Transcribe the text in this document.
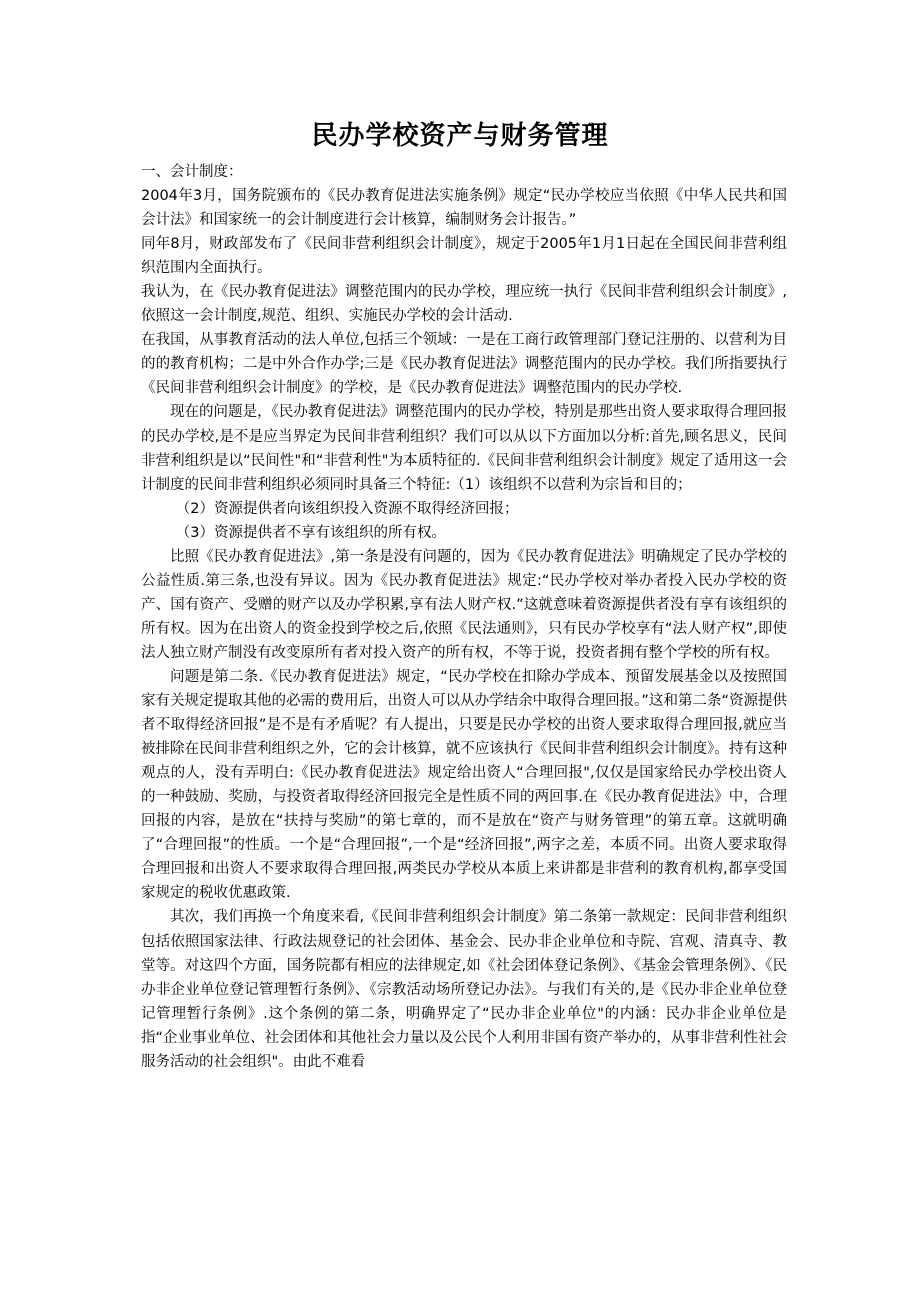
民办学校资产与财务管理

一、会计制度：

2004年3月，国务院颁布的《民办教育促进法实施条例》规定“民办学校应当依照《中华人民共和国会计法》和国家统一的会计制度进行会计核算，编制财务会计报告。”

同年8月，财政部发布了《民间非营利组织会计制度》，规定于2005年1月1日起在全国民间非营利组织范围内全面执行。

我认为，在《民办教育促进法》调整范围内的民办学校，理应统一执行《民间非营利组织会计制度》,依照这一会计制度,规范、组织、实施民办学校的会计活动.

在我国，从事教育活动的法人单位,包括三个领域：一是在工商行政管理部门登记注册的、以营利为目的的教育机构；二是中外合作办学;三是《民办教育促进法》调整范围内的民办学校。我们所指要执行《民间非营利组织会计制度》的学校，是《民办教育促进法》调整范围内的民办学校.

现在的问题是，《民办教育促进法》调整范围内的民办学校，特别是那些出资人要求取得合理回报的民办学校,是不是应当界定为民间非营利组织？我们可以从以下方面加以分析:首先,顾名思义，民间非营利组织是以“民间性"和“非营利性"为本质特征的.《民间非营利组织会计制度》规定了适用这一会计制度的民间非营利组织必须同时具备三个特征:（1）该组织不以营利为宗旨和目的；

（2）资源提供者向该组织投入资源不取得经济回报；

（3）资源提供者不享有该组织的所有权。

比照《民办教育促进法》,第一条是没有问题的，因为《民办教育促进法》明确规定了民办学校的公益性质.第三条,也没有异议。因为《民办教育促进法》规定:“民办学校对举办者投入民办学校的资产、国有资产、受赠的财产以及办学积累,享有法人财产权.”这就意味着资源提供者没有享有该组织的所有权。因为在出资人的资金投到学校之后,依照《民法通则》，只有民办学校享有“法人财产权”,即使法人独立财产制没有改变原所有者对投入资产的所有权，不等于说，投资者拥有整个学校的所有权。

问题是第二条.《民办教育促进法》规定，“民办学校在扣除办学成本、预留发展基金以及按照国家有关规定提取其他的必需的费用后，出资人可以从办学结余中取得合理回报。”这和第二条“资源提供者不取得经济回报”是不是有矛盾呢？有人提出，只要是民办学校的出资人要求取得合理回报,就应当被排除在民间非营利组织之外，它的会计核算，就不应该执行《民间非营利组织会计制度》。持有这种观点的人，没有弄明白:《民办教育促进法》规定给出资人“合理回报",仅仅是国家给民办学校出资人的一种鼓励、奖励，与投资者取得经济回报完全是性质不同的两回事.在《民办教育促进法》中，合理回报的内容，是放在“扶持与奖励”的第七章的，而不是放在“资产与财务管理”的第五章。这就明确了“合理回报”的性质。一个是“合理回报”,一个是“经济回报”,两字之差，本质不同。出资人要求取得合理回报和出资人不要求取得合理回报,两类民办学校从本质上来讲都是非营利的教育机构,都享受国家规定的税收优惠政策.

其次，我们再换一个角度来看,《民间非营利组织会计制度》第二条第一款规定：民间非营利组织包括依照国家法律、行政法规登记的社会团体、基金会、民办非企业单位和寺院、宫观、清真寺、教堂等。对这四个方面，国务院都有相应的法律规定,如《社会团体登记条例》、《基金会管理条例》、《民办非企业单位登记管理暂行条例》、《宗教活动场所登记办法》。与我们有关的,是《民办非企业单位登记管理暂行条例》.这个条例的第二条，明确界定了“民办非企业单位"的内涵：民办非企业单位是指“企业事业单位、社会团体和其他社会力量以及公民个人利用非国有资产举办的，从事非营利性社会服务活动的社会组织"。由此不难看
